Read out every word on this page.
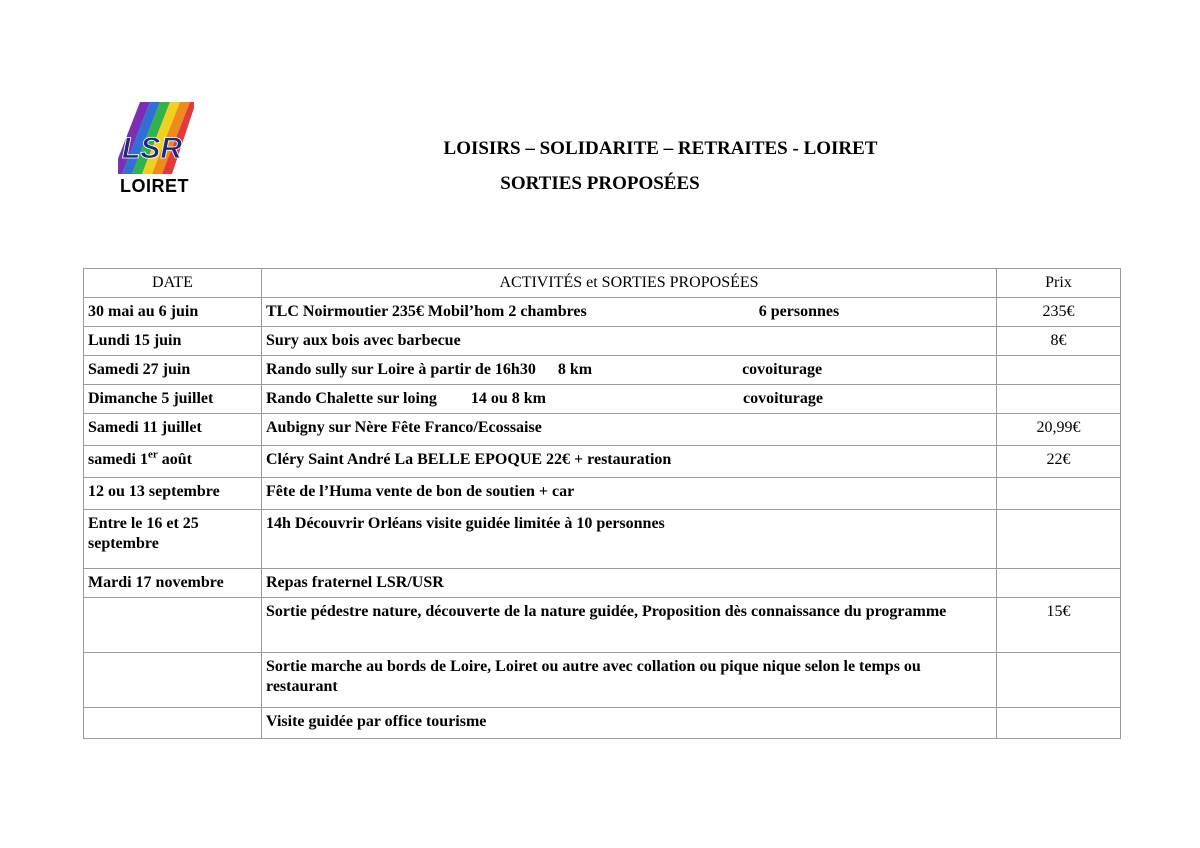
LSR
LOIRET
LOISIRS – SOLIDARITE – RETRAITES - LOIRET
SORTIES PROPOSÉES
DATE	ACTIVITÉS et SORTIES PROPOSÉES	Prix
30 mai au 6 juin	TLC Noirmoutier 235€ Mobil’hom 2 chambres 6 personnes	235€
Lundi 15 juin	Sury aux bois avec barbecue	8€
Samedi 27 juin	Rando sully sur Loire à partir de 16h30 8 km covoiturage	
Dimanche 5 juillet	Rando Chalette sur loing 14 ou 8 km covoiturage	
Samedi 11 juillet	Aubigny sur Nère Fête Franco/Ecossaise	20,99€
samedi 1er août	Cléry Saint André La BELLE EPOQUE 22€ + restauration	22€
12 ou 13 septembre	Fête de l’Huma vente de bon de soutien + car	
Entre le 16 et 25 septembre	14h Découvrir Orléans visite guidée limitée à 10 personnes	
Mardi 17 novembre	Repas fraternel LSR/USR	
	Sortie pédestre nature, découverte de la nature guidée, Proposition dès connaissance du programme	15€
	Sortie marche au bords de Loire, Loiret ou autre avec collation ou pique nique selon le temps ou restaurant	
	Visite guidée par office tourisme	
